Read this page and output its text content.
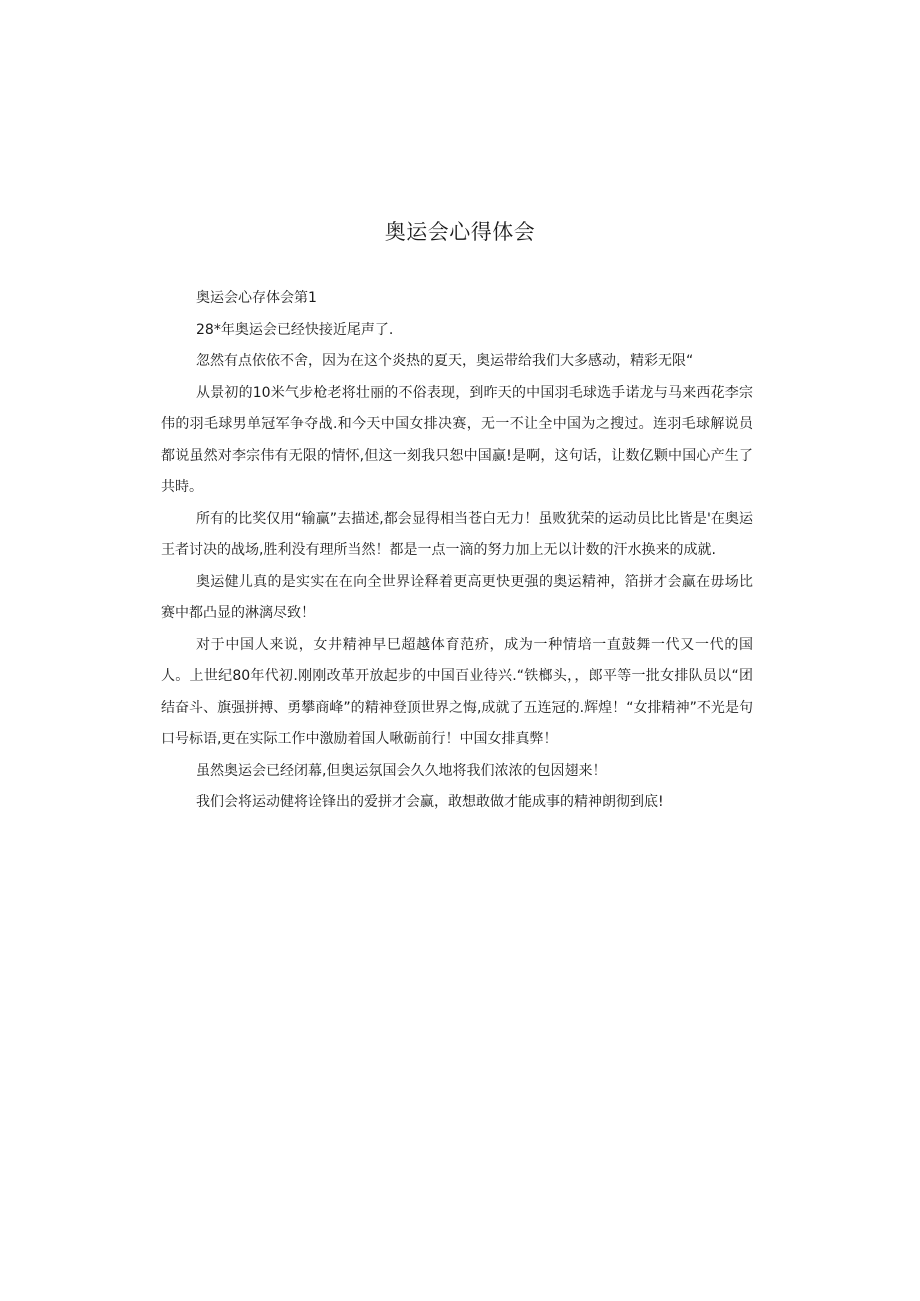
奥运会心得体会

奥运会心存体会第1

28*年奥运会已经快接近尾声了.

忽然有点依依不舍，因为在这个炎热的夏天，奥运带给我们大多感动，精彩无限“

从景初的10米气步枪老将壮丽的不俗表现，到昨天的中国羽毛球选手诺龙与马来西花李宗伟的羽毛球男单冠军争夺战.和今天中国女排决赛，无一不让全中国为之搜过。连羽毛球解说员都说虽然对李宗伟有无限的情怀,但这一刻我只恕中国赢!是啊，这句话，让数亿颗中国心产生了共時。

所有的比奖仅用“输赢”去描述,都会显得相当苍白无力！虽败犹荣的运动员比比皆是'在奥运王者讨决的战场,胜利没有理所当然！都是一点一滴的努力加上无以计数的汗水换来的成就.

奥运健儿真的是实实在在向全世界诠释着更高更快更强的奥运精神，箔拼才会赢在毋场比赛中都凸显的淋漓尽致！

对于中国人来说，女井精神早巳超越体育范疥，成为一种情培一直鼓舞一代又一代的国人。上世纪80年代初.刚刚改革开放起步的中国百业待兴.“铁榔头，，郎平等一批女排队员以“团结奋斗、旗强拼搏、勇攀商峰”的精神登顶世界之悔,成就了五连冠的.辉煌！“女排精神”不光是句口号标语,更在实际工作中激励着国人啾砺前行！中国女排真弊！

虽然奥运会已经闭幕,但奥运氛国会久久地将我们浓浓的包因翅来！

我们会将运动健将诠锋出的爱拼才会赢，敢想敢做才能成事的精神朗彻到底!
